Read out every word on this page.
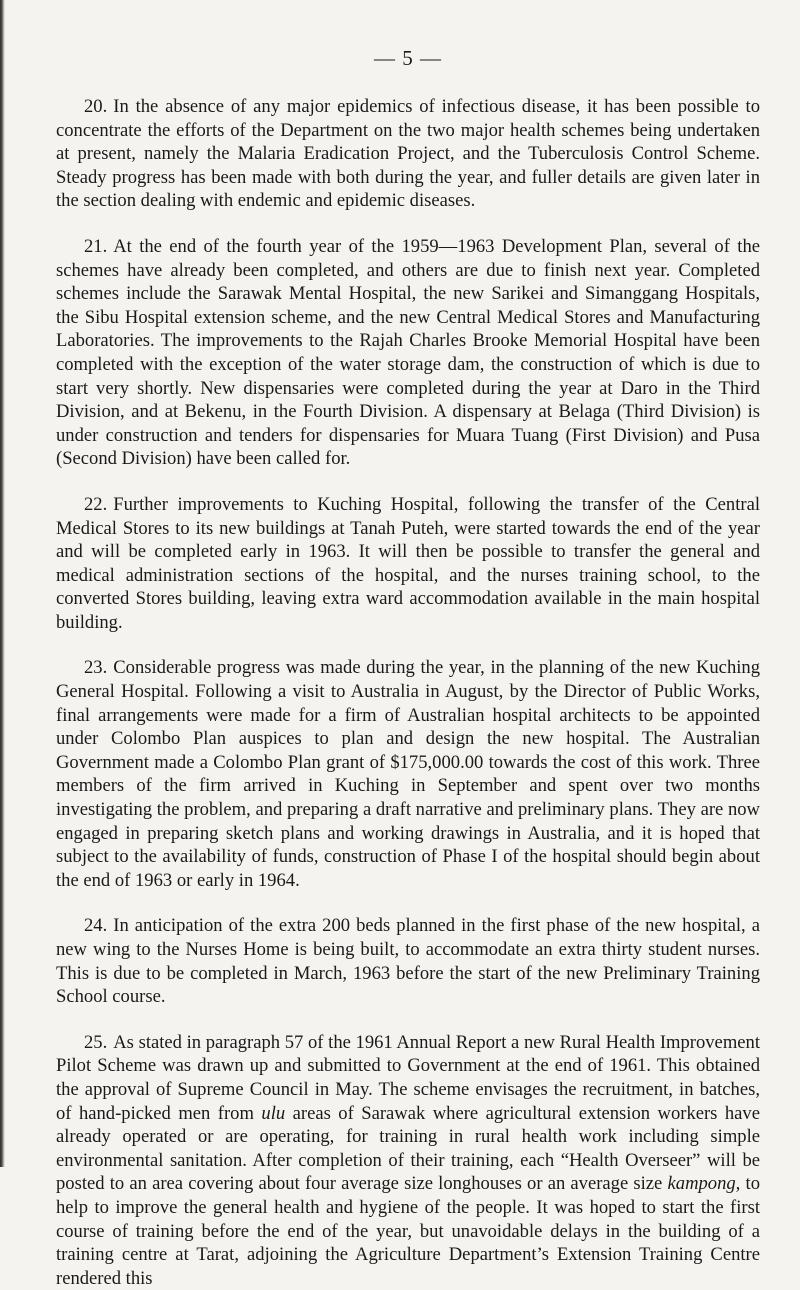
— 5 —

20. In the absence of any major epidemics of infectious disease, it has been possible to concentrate the efforts of the Department on the two major health schemes being undertaken at present, namely the Malaria Eradication Project, and the Tuberculosis Control Scheme. Steady progress has been made with both during the year, and fuller details are given later in the section dealing with endemic and epidemic diseases.

21. At the end of the fourth year of the 1959—1963 Development Plan, several of the schemes have already been completed, and others are due to finish next year. Completed schemes include the Sarawak Mental Hospital, the new Sarikei and Simanggang Hospitals, the Sibu Hospital extension scheme, and the new Central Medical Stores and Manufacturing Laboratories. The improvements to the Rajah Charles Brooke Memorial Hospital have been completed with the exception of the water storage dam, the construction of which is due to start very shortly. New dispensaries were completed during the year at Daro in the Third Division, and at Bekenu, in the Fourth Division. A dispensary at Belaga (Third Division) is under construction and tenders for dispensaries for Muara Tuang (First Division) and Pusa (Second Division) have been called for.

22. Further improvements to Kuching Hospital, following the transfer of the Central Medical Stores to its new buildings at Tanah Puteh, were started towards the end of the year and will be completed early in 1963. It will then be possible to transfer the general and medical administration sections of the hospital, and the nurses training school, to the converted Stores building, leaving extra ward accommodation available in the main hospital building.

23. Considerable progress was made during the year, in the planning of the new Kuching General Hospital. Following a visit to Australia in August, by the Director of Public Works, final arrangements were made for a firm of Australian hospital architects to be appointed under Colombo Plan auspices to plan and design the new hospital. The Australian Government made a Colombo Plan grant of $175,000.00 towards the cost of this work. Three members of the firm arrived in Kuching in September and spent over two months investigating the problem, and preparing a draft narrative and preliminary plans. They are now engaged in preparing sketch plans and working drawings in Australia, and it is hoped that subject to the availability of funds, construction of Phase I of the hospital should begin about the end of 1963 or early in 1964.

24. In anticipation of the extra 200 beds planned in the first phase of the new hospital, a new wing to the Nurses Home is being built, to accommodate an extra thirty student nurses. This is due to be completed in March, 1963 before the start of the new Preliminary Training School course.

25. As stated in paragraph 57 of the 1961 Annual Report a new Rural Health Improvement Pilot Scheme was drawn up and submitted to Government at the end of 1961. This obtained the approval of Supreme Council in May. The scheme envisages the recruitment, in batches, of hand-picked men from ulu areas of Sarawak where agricultural extension workers have already operated or are operating, for training in rural health work including simple environmental sanitation. After completion of their training, each “Health Overseer” will be posted to an area covering about four average size longhouses or an average size kampong, to help to improve the general health and hygiene of the people. It was hoped to start the first course of training before the end of the year, but unavoidable delays in the building of a training centre at Tarat, adjoining the Agriculture Department’s Extension Training Centre rendered this
